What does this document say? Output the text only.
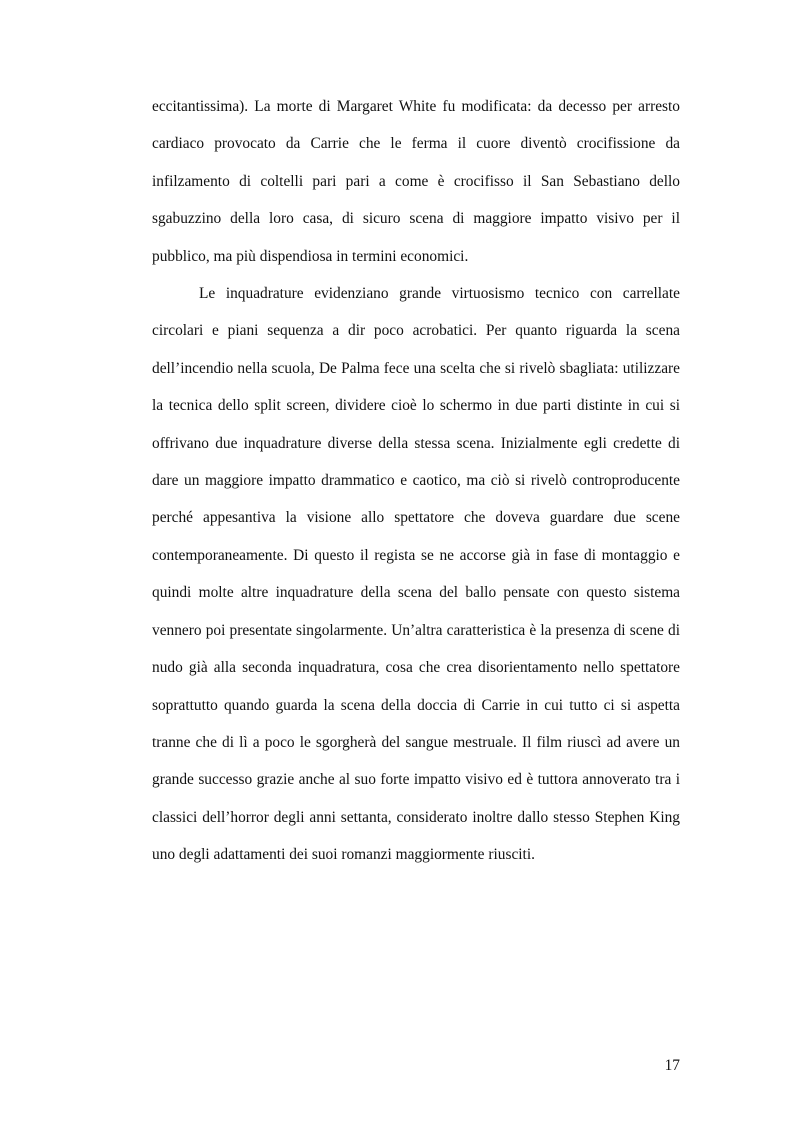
eccitantissima). La morte di Margaret White fu modificata: da decesso per arresto cardiaco provocato da Carrie che le ferma il cuore diventò crocifissione da infilzamento di coltelli pari pari a come è crocifisso il San Sebastiano dello sgabuzzino della loro casa, di sicuro scena di maggiore impatto visivo per il pubblico, ma più dispendiosa in termini economici.

Le inquadrature evidenziano grande virtuosismo tecnico con carrellate circolari e piani sequenza a dir poco acrobatici. Per quanto riguarda la scena dell’incendio nella scuola, De Palma fece una scelta che si rivelò sbagliata: utilizzare la tecnica dello split screen, dividere cioè lo schermo in due parti distinte in cui si offrivano due inquadrature diverse della stessa scena. Inizialmente egli credette di dare un maggiore impatto drammatico e caotico, ma ciò si rivelò controproducente perché appesantiva la visione allo spettatore che doveva guardare due scene contemporaneamente. Di questo il regista se ne accorse già in fase di montaggio e quindi molte altre inquadrature della scena del ballo pensate con questo sistema vennero poi presentate singolarmente. Un’altra caratteristica è la presenza di scene di nudo già alla seconda inquadratura, cosa che crea disorientamento nello spettatore soprattutto quando guarda la scena della doccia di Carrie in cui tutto ci si aspetta tranne che di lì a poco le sgorgherà del sangue mestruale. Il film riuscì ad avere un grande successo grazie anche al suo forte impatto visivo ed è tuttora annoverato tra i classici dell’horror degli anni settanta, considerato inoltre dallo stesso Stephen King uno degli adattamenti dei suoi romanzi maggiormente riusciti.

17
